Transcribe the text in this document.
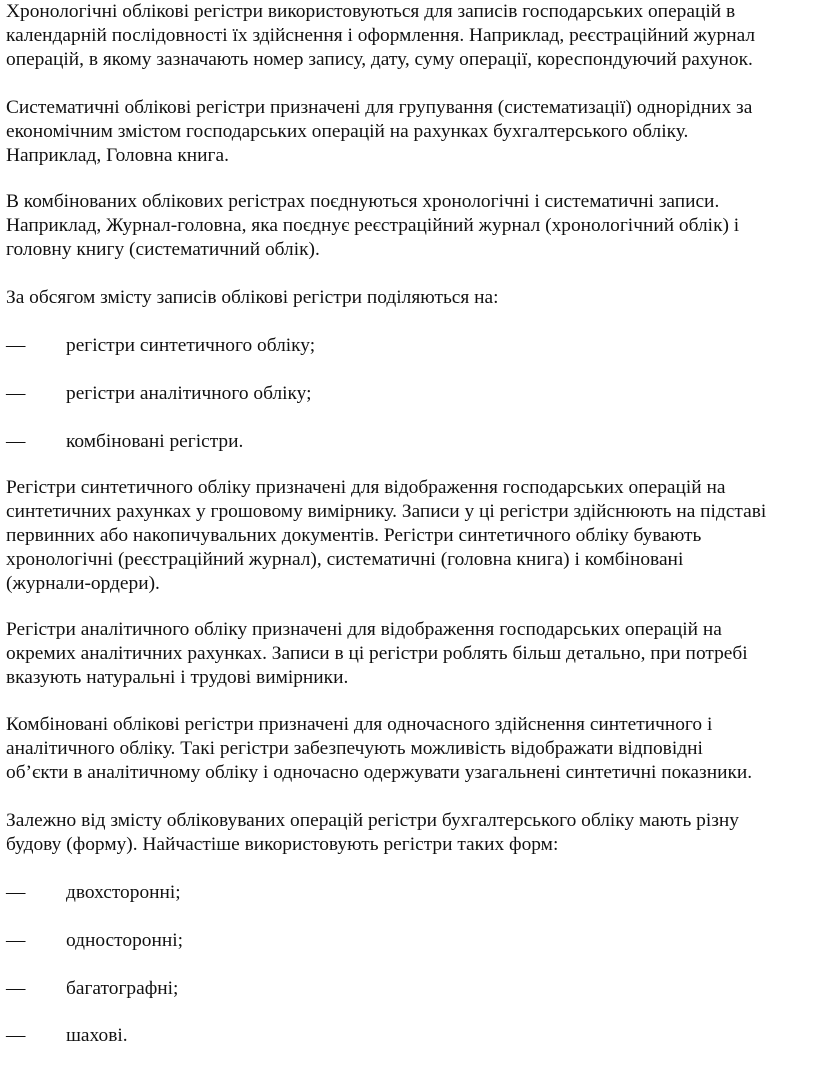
Хронологічні облікові регістри використовуються для записів господарських операцій в
календарній послідовності їх здійснення і оформлення. Наприклад, реєстраційний журнал
операцій, в якому зазначають номер запису, дату, суму операції, кореспондуючий рахунок.

Систематичні облікові регістри призначені для групування (систематизації) однорідних за
економічним змістом господарських операцій на рахунках бухгалтерського обліку.
Наприклад, Головна книга.

В комбінованих облікових регістрах поєднуються хронологічні і систематичні записи.
Наприклад, Журнал-головна, яка поєднує реєстраційний журнал (хронологічний облік) і
головну книгу (систематичний облік).

За обсягом змісту записів облікові регістри поділяються на:

— регістри синтетичного обліку;
— регістри аналітичного обліку;
— комбіновані регістри.

Регістри синтетичного обліку призначені для відображення господарських операцій на
синтетичних рахунках у грошовому вимірнику. Записи у ці регістри здійснюють на підставі
первинних або накопичувальних документів. Регістри синтетичного обліку бувають
хронологічні (реєстраційний журнал), систематичні (головна книга) і комбіновані
(журнали-ордери).

Регістри аналітичного обліку призначені для відображення господарських операцій на
окремих аналітичних рахунках. Записи в ці регістри роблять більш детально, при потребі
вказують натуральні і трудові вимірники.

Комбіновані облікові регістри призначені для одночасного здійснення синтетичного і
аналітичного обліку. Такі регістри забезпечують можливість відображати відповідні
об’єкти в аналітичному обліку і одночасно одержувати узагальнені синтетичні показники.

Залежно від змісту обліковуваних операцій регістри бухгалтерського обліку мають різну
будову (форму). Найчастіше використовують регістри таких форм:

— двохсторонні;
— односторонні;
— багатографні;
— шахові.
